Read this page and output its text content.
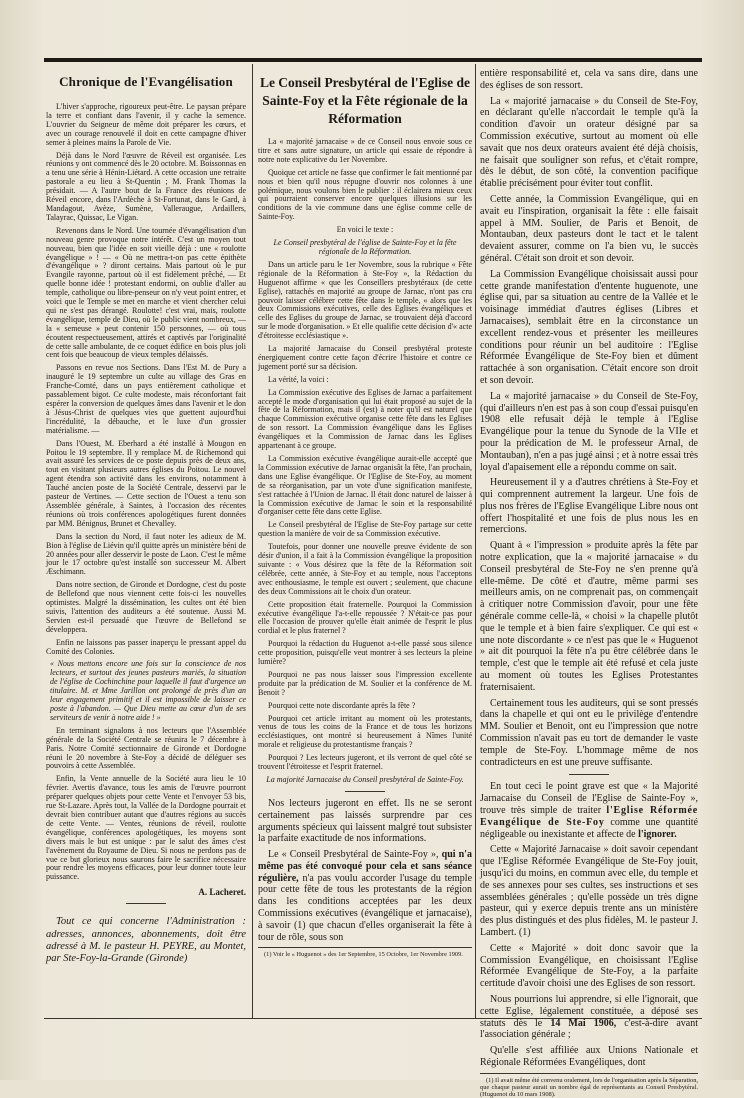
Chronique de l'Evangélisation

L'hiver s'approche, rigoureux peut-être. Le paysan prépare la terre et confiant dans l'avenir, il y cache la semence. L'ouvrier du Seigneur de même doit préparer les cœurs, et avec un courage renouvelé il doit en cette campagne d'hiver semer à pleines mains la Parole de Vie.

Déjà dans le Nord l'œuvre de Réveil est organisée. Les réunions y ont commencé dès le 20 octobre. M. Boissonnas en a tenu une série à Hénin-Liétard. A cette occasion une retraite pastorale a eu lieu à St-Quentin ; M. Frank Thomas la présidait. — A l'autre bout de la France des réunions de Réveil encore, dans l'Ardèche à St-Fortunat, dans le Gard, à Mandagout, Avèze, Sumène, Valleraugue, Ardaillers, Talayrac, Quissac, Le Vigan.

Revenons dans le Nord. Une tournée d'évangélisation d'un nouveau genre provoque notre intérêt. C'est un moyen tout nouveau, bien que l'idée en soit vieille déjà : une « roulotte évangélique » ! — « Où ne mettra-t-on pas cette épithète d'évangélique » ? diront certains. Mais partout où le pur Evangile rayonne, partout où il est fidèlement prêché, — Et quelle bonne idée ! protestant endormi, on oublie d'aller au temple, catholique ou libre-penseur on n'y veut point entrer, et voici que le Temple se met en marche et vient chercher celui qui ne s'est pas dérangé. Roulotte! c'est vrai, mais, roulotte évangélique, temple de Dieu, où le public vient nombreux, — la « semeuse » peut contenir 150 personnes, — où tous écoutent respectueusement, attirés et captivés par l'originalité de cette salle ambulante, de ce coquet édifice en bois plus joli cent fois que beaucoup de vieux temples délaissés.

Passons en revue nos Sections. Dans l'Est M. de Pury a inauguré le 19 septembre un culte au village des Gras en Franche-Comté, dans un pays entièrement catholique et passablement bigot. Ce culte modeste, mais réconfortant fait espérer la conversion de quelques âmes dans l'avenir et le don à Jésus-Christ de quelques vies que guettent aujourd'hui l'incrédulité, la débauche, et le luxe d'un grossier matérialisme. —

Dans l'Ouest, M. Eberhard a été installé à Mougon en Poitou le 19 septembre. Il y remplace M. de Richemond qui avait assuré les services de ce poste depuis près de deux ans, tout en visitant plusieurs autres églises du Poitou. Le nouvel agent étendra son activité dans les environs, notamment à Tauché ancien poste de la Société Centrale, desservi par le pasteur de Vertines. — Cette section de l'Ouest a tenu son Assemblée générale, à Saintes, à l'occasion des récentes réunions où trois conférences apologétiques furent données par MM. Bénignus, Brunet et Chevalley.

Dans la section du Nord, il faut noter les adieux de M. Bion à l'église de Liévin qu'il quitte après un ministère béni de 20 années pour aller desservir le poste de Laon. C'est le même jour le 17 octobre qu'est installé son successeur M. Albert Æschimann.

Dans notre section, de Gironde et Dordogne, c'est du poste de Bellefond que nous viennent cette fois-ci les nouvelles optimistes. Malgré la dissémination, les cultes ont été bien suivis, l'attention des auditeurs a été soutenue. Aussi M. Servien est-il persuadé que l'œuvre de Bellefond se développera.

Enfin ne laissons pas passer inaperçu le pressant appel du Comité des Colonies.

« Nous mettons encore une fois sur la conscience de nos lecteurs, et surtout des jeunes pasteurs mariés, la situation de l'église de Cochinchine pour laquelle il faut d'urgence un titulaire. M. et Mme Jarillon ont prolongé de près d'un an leur engagement primitif et il est impossible de laisser ce poste à l'abandon. — Que Dieu mette au cœur d'un de ses serviteurs de venir à notre aide ! »

En terminant signalons à nos lecteurs que l'Assemblée générale de la Société Centrale se réunira le 7 décembre à Paris. Notre Comité sectionnaire de Gironde et Dordogne réuni le 20 novembre à Ste-Foy a décidé de déléguer ses pouvoirs à cette Assemblée.

Enfin, la Vente annuelle de la Société aura lieu le 10 février. Avertis d'avance, tous les amis de l'œuvre pourront préparer quelques objets pour cette Vente et l'envoyer 53 bis, rue St-Lazare. Après tout, la Vallée de la Dordogne pourrait et devrait bien contribuer autant que d'autres régions au succès de cette Vente. — Ventes, réunions de réveil, roulotte évangélique, conférences apologétiques, les moyens sont divers mais le but est unique : par le salut des âmes c'est l'avènement du Royaume de Dieu. Si nous ne perdons pas de vue ce but glorieux nous saurons faire le sacrifice nécessaire pour rendre les moyens efficaces, pour leur donner toute leur puissance.

A. Lacheret.

Tout ce qui concerne l'Administration : adresses, annonces, abonnements, doit être adressé à M. le pasteur H. PEYRE, au Montet, par Ste-Foy-la-Grande (Gironde)

Le Conseil Presbytéral de l'Eglise de Sainte-Foy et la Fête régionale de la Réformation

La « majorité jarnacaise » de ce Conseil nous envoie sous ce titre et sans autre signature, un article qui essaie de répondre à notre note explicative du 1er Novembre.

Quoique cet article ne fasse que confirmer le fait mentionné par nous et bien qu'il nous répugne d'ouvrir nos colonnes à une polémique, nous voulons bien le publier : il éclairera mieux ceux qui pourraient conserver encore quelques illusions sur les conditions de la vie commune dans une église comme celle de Sainte-Foy.

En voici le texte :

Le Conseil presbytéral de l'église de Sainte-Foy et la fête régionale de la Réformation.

Dans un article paru le 1er Novembre, sous la rubrique « Fête régionale de la Réformation à Ste-Foy », la Rédaction du Huguenot affirme « que les Conseillers presbytéraux (de cette Eglise), rattachés en majorité au groupe de Jarnac, n'ont pas cru pouvoir laisser célébrer cette fête dans le temple, « alors que les deux Commissions exécutives, celle des Eglises évangéliques et celle des Eglises du groupe de Jarnac, se trouvaient déjà d'accord sur le mode d'organisation. » Et elle qualifie cette décision d'« acte d'étroitesse ecclésiastique ».

La majorité Jarnacaise du Conseil presbytéral proteste énergiquement contre cette façon d'écrire l'histoire et contre ce jugement porté sur sa décision.

La vérité, la voici :

La Commission exécutive des Eglises de Jarnac a parfaitement accepté le mode d'organisation qui lui était proposé au sujet de la fête de la Réformation, mais il (est) à noter qu'il est naturel que chaque Commission exécutive organise cette fête dans les Eglises de son ressort. La Commission évangélique dans les Eglises évangéliques et la Commission de Jarnac dans les Eglises appartenant à ce groupe.

La Commission exécutive évangélique aurait-elle accepté que la Commission exécutive de Jarnac organisât la fête, l'an prochain, dans une Eglise évangélique. Or l'Eglise de Ste-Foy, au moment de sa réorganisation, par un vote d'une signification manifeste, s'est rattachée à l'Union de Jarnac. Il était donc naturel de laisser à la Commission exécutive de Jarnac le soin et la responsabilité d'organiser cette fête dans cette Eglise.

Le Conseil presbytéral de l'Eglise de Ste-Foy partage sur cette question la manière de voir de sa Commission exécutive.

Toutefois, pour donner une nouvelle preuve évidente de son désir d'union, il a fait à la Commission évangélique la proposition suivante : « Vous désirez que la fête de la Réformation soit célébrée, cette année, à Ste-Foy et au temple, nous l'acceptons avec enthousiasme, le temple est ouvert ; seulement, que chacune des deux Commissions ait le choix d'un orateur.

Cette proposition était fraternelle. Pourquoi la Commission exécutive évangélique l'a-t-elle repoussée ? N'était-ce pas pour elle l'occasion de prouver qu'elle était animée de l'esprit le plus cordial et le plus fraternel ?

Pourquoi la rédaction du Huguenot a-t-elle passé sous silence cette proposition, puisqu'elle veut montrer à ses lecteurs la pleine lumière?

Pourquoi ne pas nous laisser sous l'impression excellente produite par la prédication de M. Soulier et la conférence de M. Benoit ?

Pourquoi cette note discordante après la fête ?

Pourquoi cet article irritant au moment où les protestants, venus de tous les coins de la France et de tous les horizons ecclésiastiques, ont montré si heureusement à Nîmes l'unité morale et religieuse du protestantisme français ?

Pourquoi ? Les lecteurs jugeront, et ils verront de quel côté se trouvent l'étroitesse et l'esprit fraternel.

La majorité Jarnacaise du Conseil presbytéral de Sainte-Foy.

Nos lecteurs jugeront en effet. Ils ne se seront certainement pas laissés surprendre par ces arguments spécieux qui laissent malgré tout subsister la parfaite exactitude de nos informations.

Le « Conseil Presbytéral de Sainte-Foy », qui n'a même pas été convoqué pour cela et sans séance régulière, n'a pas voulu accorder l'usage du temple pour cette fête de tous les protestants de la région dans les conditions acceptées par les deux Commissions exécutives (évangélique et jarnacaise), à savoir (1) que chacun d'elles organiserait la fête à tour de rôle, sous son

(1) Voir le « Huguenot » des 1er Septembre, 15 Octobre, 1er Novembre 1909.

entière responsabilité et, cela va sans dire, dans une des églises de son ressort.

La « majorité jarnacaise » du Conseil de Ste-Foy, en déclarant qu'elle n'accordait le temple qu'à la condition d'avoir un orateur désigné par sa Commission exécutive, surtout au moment où elle savait que nos deux orateurs avaient été déjà choisis, ne faisait que souligner son refus, et c'était rompre, dès le début, de son côté, la convention pacifique établie précisément pour éviter tout conflit.

Cette année, la Commission Evangélique, qui en avait eu l'inspiration, organisait la fête : elle faisait appel à MM. Soulier, de Paris et Benoit, de Montauban, deux pasteurs dont le tact et le talent devaient assurer, comme on l'a bien vu, le succès général. C'était son droit et son devoir.

La Commission Evangélique choisissait aussi pour cette grande manifestation d'entente huguenote, une église qui, par sa situation au centre de la Vallée et le voisinage immédiat d'autres églises (Libres et Jarnacaises), semblait être en la circonstance un excellent rendez-vous et présenter les meilleures conditions pour réunir un bel auditoire : l'Eglise Réformée Evangélique de Ste-Foy bien et dûment rattachée à son organisation. C'était encore son droit et son devoir.

La « majorité jarnacaise » du Conseil de Ste-Foy, (qui d'ailleurs n'en est pas à son coup d'essai puisqu'en 1908 elle refusait déjà le temple à l'Eglise Evangélique pour la tenue du Synode de la VIIe et pour la prédication de M. le professeur Arnal, de Montauban), n'en a pas jugé ainsi ; et à notre essai très loyal d'apaisement elle a répondu comme on sait.

Heureusement il y a d'autres chrétiens à Ste-Foy et qui comprennent autrement la largeur. Une fois de plus nos frères de l'Eglise Evangélique Libre nous ont offert l'hospitalité et une fois de plus nous les en remercions.

Quant à « l'impression » produite après la fête par notre explication, que la « majorité jarnacaise » du Conseil presbytéral de Ste-Foy ne s'en prenne qu'à elle-même. De côté et d'autre, même parmi ses meilleurs amis, on ne comprenait pas, on commençait à critiquer notre Commission d'avoir, pour une fête générale comme celle-là, « choisi » la chapelle plutôt que le temple et à bien faire s'expliquer. Ce qui est « une note discordante » ce n'est pas que le « Huguenot » ait dit pourquoi la fête n'a pu être célébrée dans le temple, c'est que le temple ait été refusé et cela juste au moment où toutes les Eglises Protestantes fraternisaient.

Certainement tous les auditeurs, qui se sont pressés dans la chapelle et qui ont eu le privilège d'entendre MM. Soulier et Benoit, ont eu l'impression que notre Commission n'avait pas eu tort de demander le vaste temple de Ste-Foy. L'hommage même de nos contradicteurs en est une preuve suffisante.

En tout ceci le point grave est que « la Majorité Jarnacaise du Conseil de l'Eglise de Sainte-Foy », trouve très simple de traiter l'Eglise Réformée Evangélique de Ste-Foy comme une quantité négligeable ou inexistante et affecte de l'ignorer.

Cette « Majorité Jarnacaise » doit savoir cependant que l'Eglise Réformée Evangélique de Ste-Foy jouit, jusqu'ici du moins, en commun avec elle, du temple et de ses annexes pour ses cultes, ses instructions et ses assemblées générales ; qu'elle possède un très digne pasteur, qui y exerce depuis trente ans un ministère des plus distingués et des plus fidèles, M. le pasteur J. Lambert. (1)

Cette « Majorité » doit donc savoir que la Commission Evangélique, en choisissant l'Eglise Réformée Evangélique de Ste-Foy, a la parfaite certitude d'avoir choisi une des Eglises de son ressort.

Nous pourrions lui apprendre, si elle l'ignorait, que cette Eglise, légalement constituée, a déposé ses statuts dès le 14 Mai 1906, c'est-à-dire avant l'association générale ;

Qu'elle s'est affiliée aux Unions Nationale et Régionale Réformées Evangéliques, dont

(1) Il avait même été convenu oralement, lors de l'organisation après la Séparation, que chaque pasteur aurait un nombre égal de représentants au Conseil Presbytéral. (Huguenot du 10 mars 1908).
